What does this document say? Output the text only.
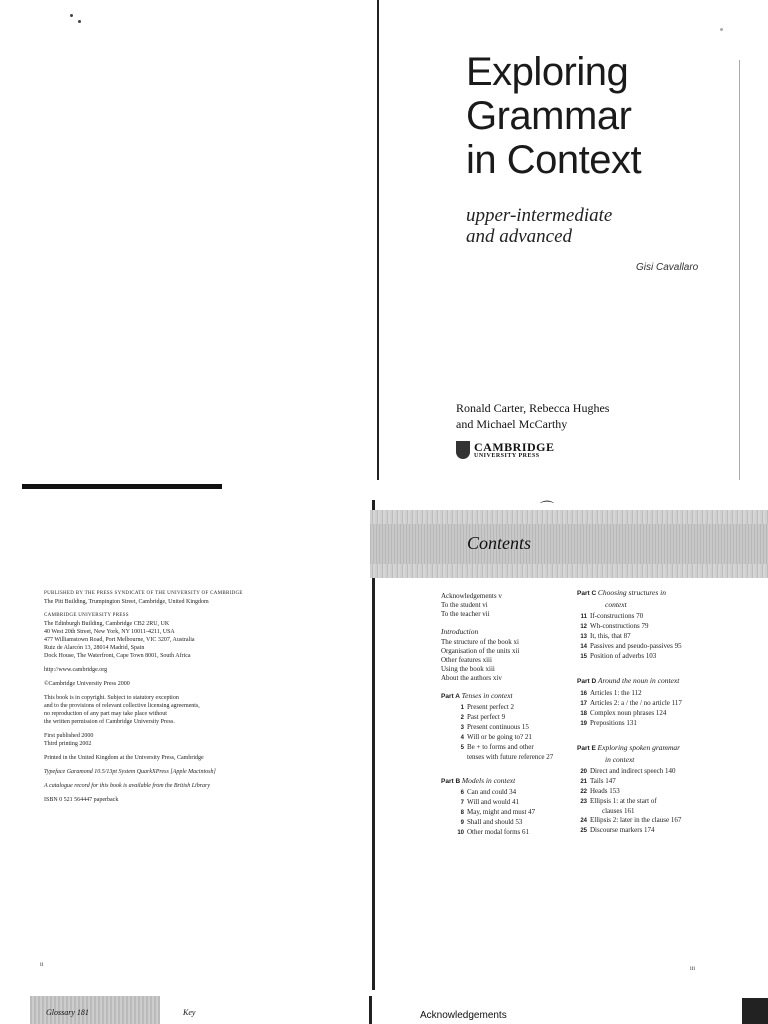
Exploring
Grammar
in Context
upper-intermediate
and advanced
Gisi Cavallaro
Ronald Carter, Rebecca Hughes
and Michael McCarthy
CAMBRIDGE
UNIVERSITY PRESS
PUBLISHED BY THE PRESS SYNDICATE OF THE UNIVERSITY OF CAMBRIDGE
The Pitt Building, Trumpington Street, Cambridge, United Kingdom
CAMBRIDGE UNIVERSITY PRESS
The Edinburgh Building, Cambridge CB2 2RU, UK
40 West 20th Street, New York, NY 10011-4211, USA
477 Williamstown Road, Port Melbourne, VIC 3207, Australia
Ruiz de Alarcón 13, 28014 Madrid, Spain
Dock House, The Waterfront, Cape Town 8001, South Africa
http://www.cambridge.org
©Cambridge University Press 2000
This book is in copyright. Subject to statutory exception
and to the provisions of relevant collective licensing agreements,
no reproduction of any part may take place without
the written permission of Cambridge University Press.
First published 2000
Third printing 2002
Printed in the United Kingdom at the University Press, Cambridge
Typeface Garamond 10.5/13pt System QuarkXPress [Apple Macintosh]
A catalogue record for this book is available from the British Library
ISBN 0 521 564447 paperback
ii
Contents
Acknowledgements v
To the student vi
To the teacher vii
Introduction
The structure of the book xi
Organisation of the units xii
Other features xiii
Using the book xiii
About the authors xiv
Part A Tenses in context
1 Present perfect 2
2 Past perfect 9
3 Present continuous 15
4 Will or be going to? 21
5 Be + to forms and other
tenses with future reference 27
Part B Models in context
6 Can and could 34
7 Will and would 41
8 May, might and must 47
9 Shall and should 53
10 Other modal forms 61
Part C Choosing structures in
context
11 If-constructions 70
12 Wh-constructions 79
13 It, this, that 87
14 Passives and pseudo-passives 95
15 Position of adverbs 103
Part D Around the noun in context
16 Articles 1: the 112
17 Articles 2: a / the / no article 117
18 Complex noun phrases 124
19 Prepositions 131
Part E Exploring spoken grammar
in context
20 Direct and indirect speech 140
21 Tails 147
22 Heads 153
23 Ellipsis 1: at the start of
clauses 161
24 Ellipsis 2: later in the clause 167
25 Discourse markers 174
iii
Glossary 181	Key	Acknowledgements
